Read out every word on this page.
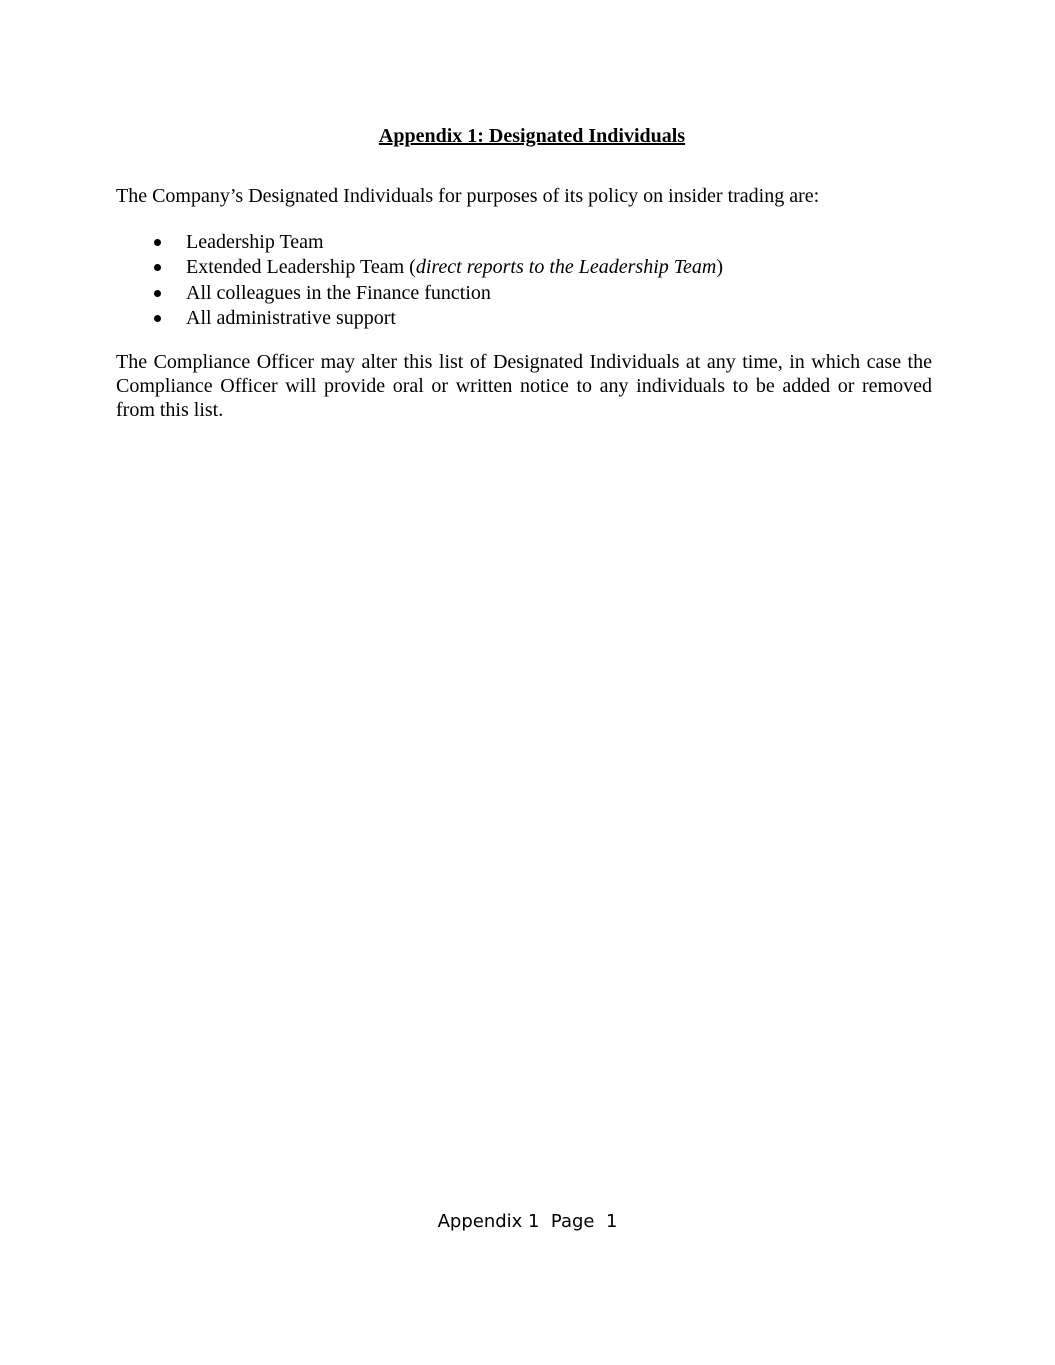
Appendix 1: Designated Individuals
The Company’s Designated Individuals for purposes of its policy on insider trading are:
Leadership Team
Extended Leadership Team (direct reports to the Leadership Team)
All colleagues in the Finance function
All administrative support
The Compliance Officer may alter this list of Designated Individuals at any time, in which case the Compliance Officer will provide oral or written notice to any individuals to be added or removed from this list.
Appendix 1  Page  1
